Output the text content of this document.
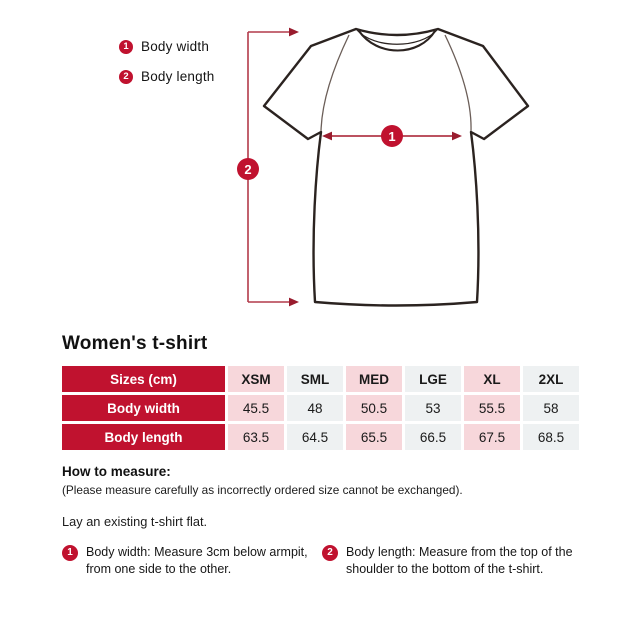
1
2
1 Body width
2 Body length
Women's t-shirt
Sizes (cm)	XSM	SML	MED	LGE	XL	2XL
Body width	45.5	48	50.5	53	55.5	58
Body length	63.5	64.5	65.5	66.5	67.5	68.5
How to measure:
(Please measure carefully as incorrectly ordered size cannot be exchanged).
Lay an existing t-shirt flat.
1	Body width: Measure 3cm below armpit, from one side to the other.
2	Body length: Measure from the top of the shoulder to the bottom of the t-shirt.
